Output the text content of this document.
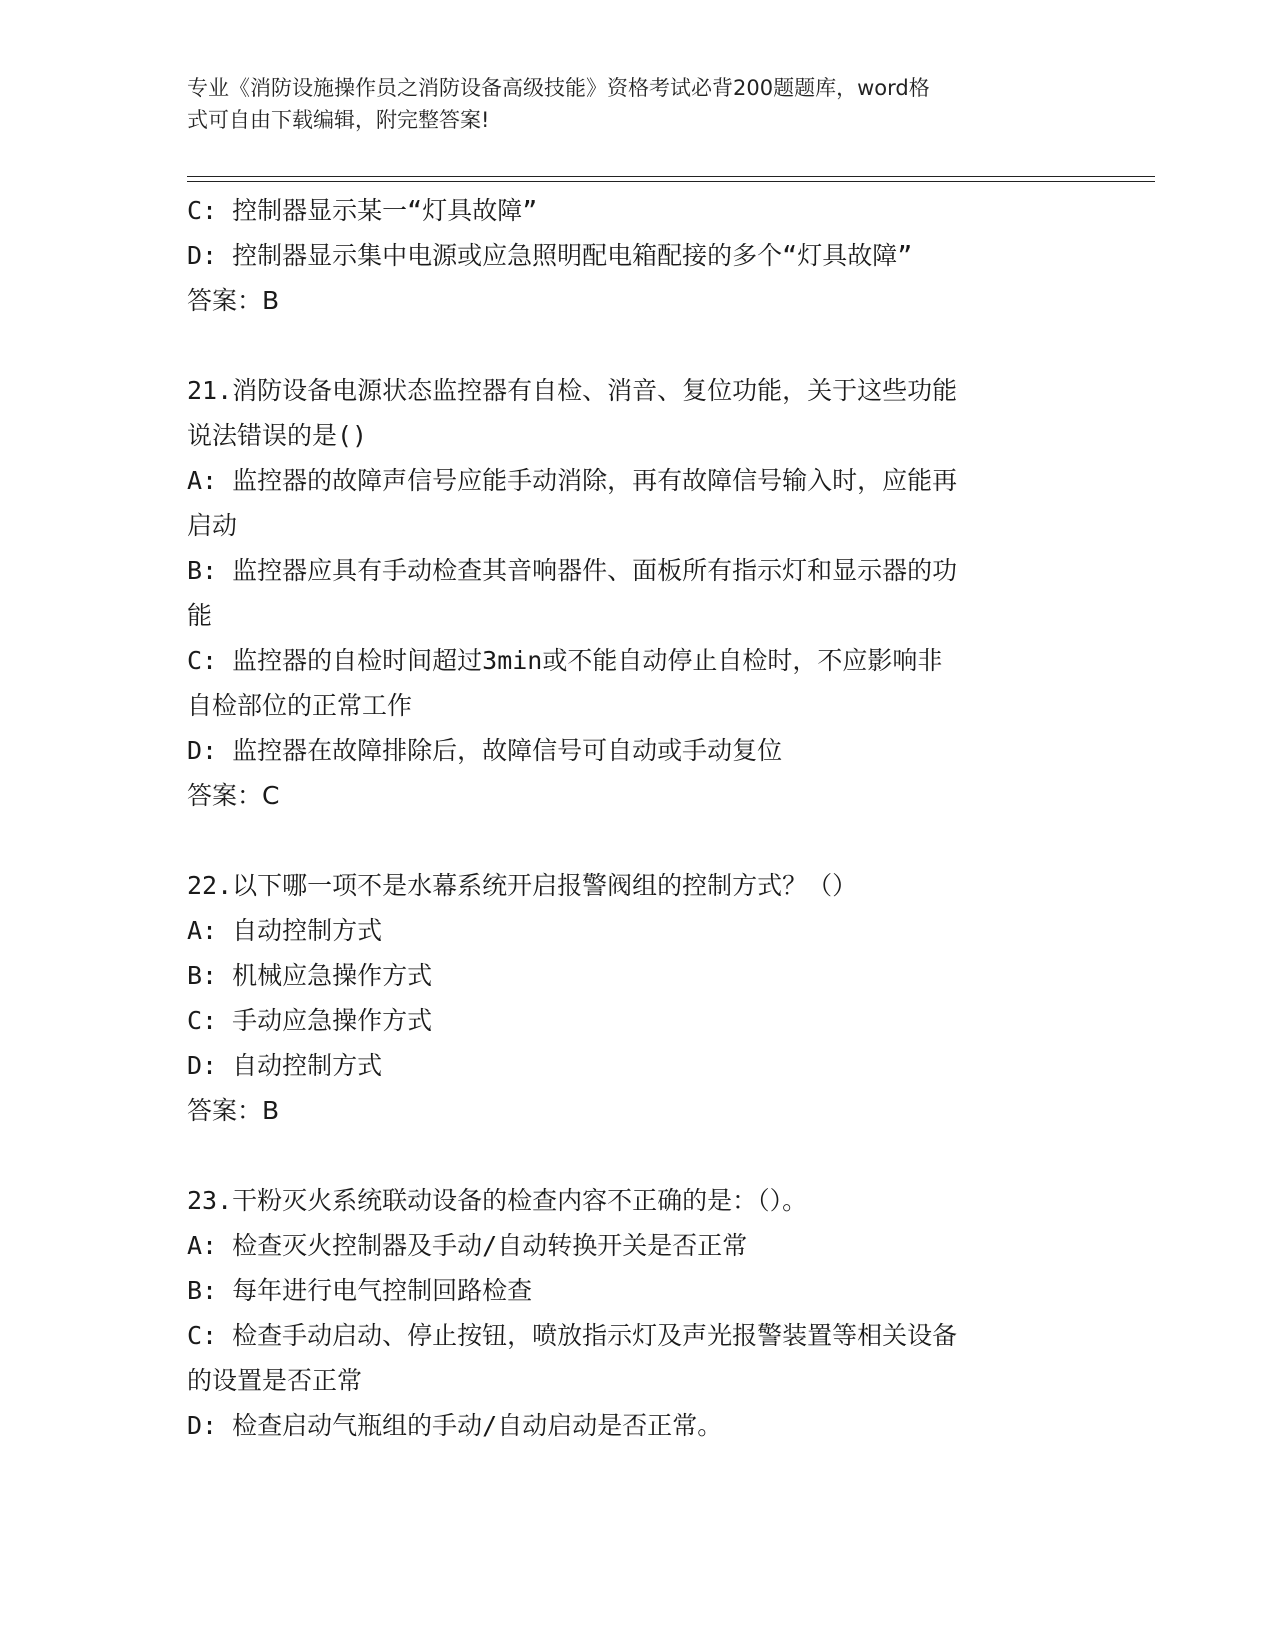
专业《消防设施操作员之消防设备高级技能》资格考试必背200题题库，word格
式可自由下载编辑，附完整答案!
C: 控制器显示某一“灯具故障”
D: 控制器显示集中电源或应急照明配电箱配接的多个“灯具故障”
答案：B
21.消防设备电源状态监控器有自检、消音、复位功能，关于这些功能
说法错误的是()
A: 监控器的故障声信号应能手动消除，再有故障信号输入时，应能再
启动
B: 监控器应具有手动检查其音响器件、面板所有指示灯和显示器的功
能
C: 监控器的自检时间超过3min或不能自动停止自检时，不应影响非
自检部位的正常工作
D: 监控器在故障排除后，故障信号可自动或手动复位
答案：C
22.以下哪一项不是水幕系统开启报警阀组的控制方式？（）
A: 自动控制方式
B: 机械应急操作方式
C: 手动应急操作方式
D: 自动控制方式
答案：B
23.干粉灭火系统联动设备的检查内容不正确的是：（）。
A: 检查灭火控制器及手动/自动转换开关是否正常
B: 每年进行电气控制回路检查
C: 检查手动启动、停止按钮，喷放指示灯及声光报警装置等相关设备
的设置是否正常
D: 检查启动气瓶组的手动/自动启动是否正常。
